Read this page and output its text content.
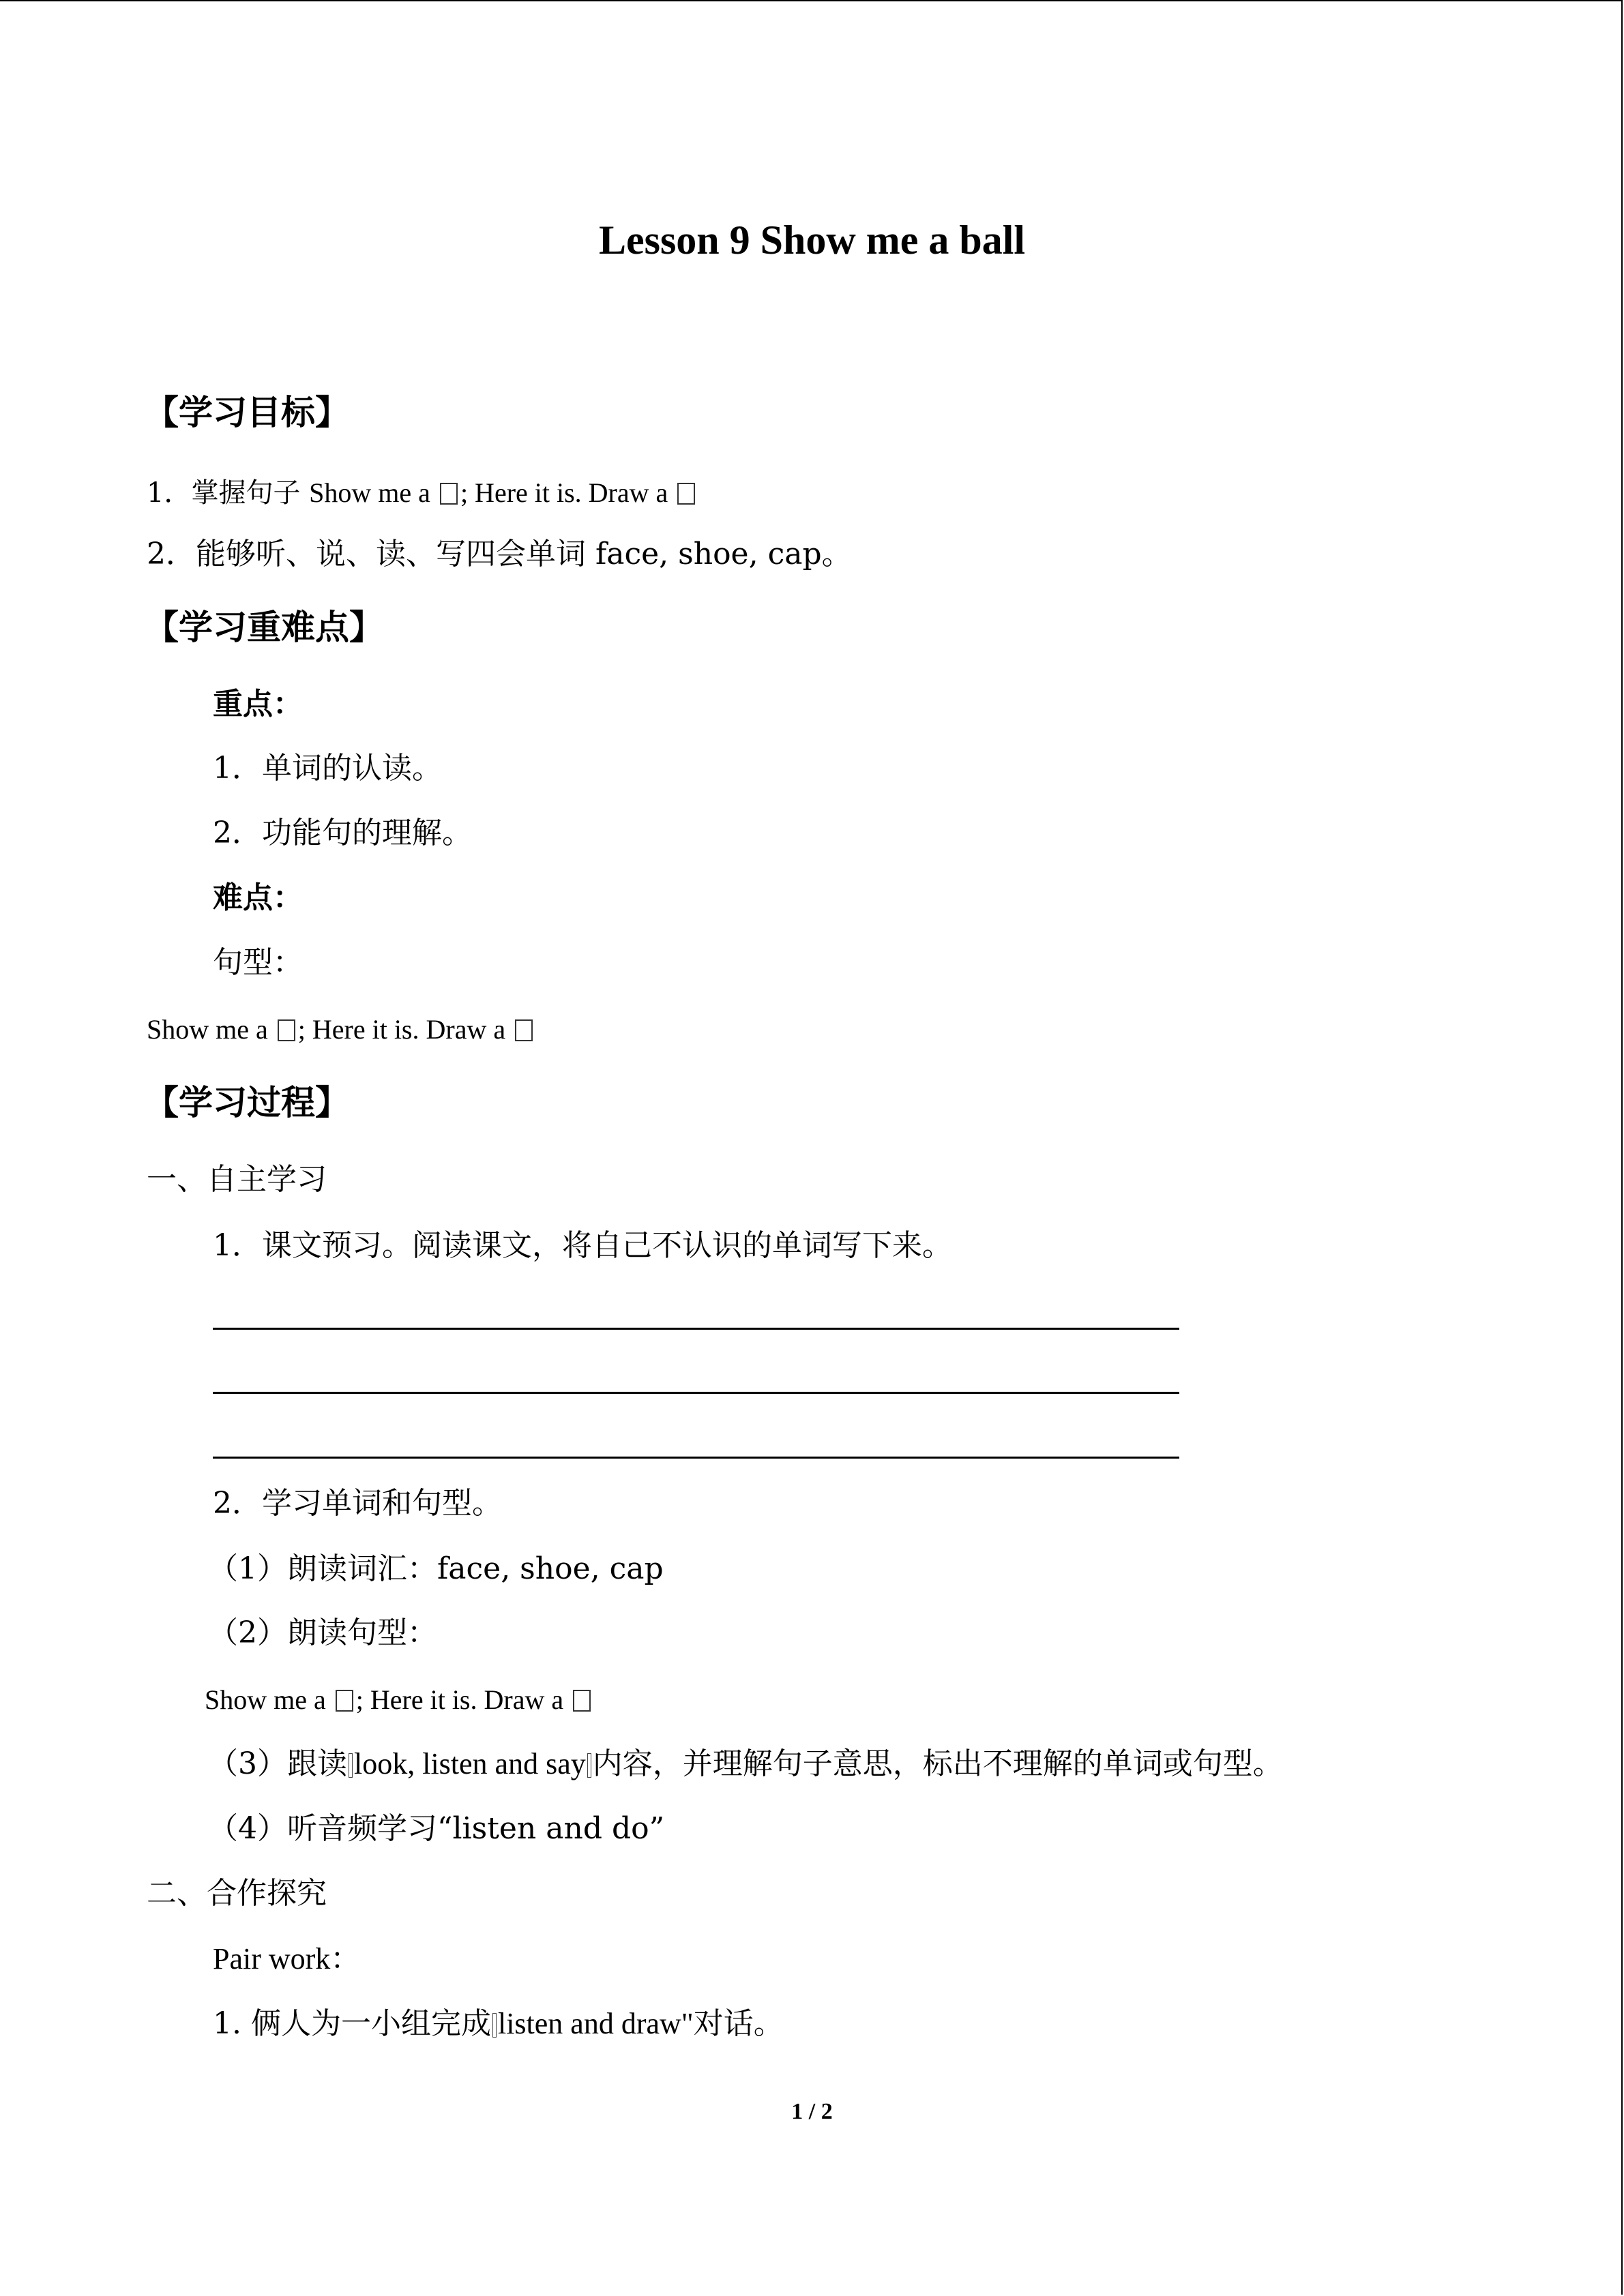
Lesson 9 Show me a ball
【学习目标】
1．掌握句子 Show me a ; Here it is. Draw a
2．能够听、说、读、写四会单词 face, shoe, cap。
【学习重难点】
重点：
1．单词的认读。
2．功能句的理解。
难点：
句型：
Show me a ; Here it is. Draw a
【学习过程】
一、自主学习
1．课文预习。阅读课文，将自己不认识的单词写下来。
2．学习单词和句型。
（1）朗读词汇：face, shoe, cap
（2）朗读句型：
Show me a ; Here it is. Draw a
（3）跟读 look, listen and say 内容，并理解句子意思，标出不理解的单词或句型。
（4）听音频学习“listen and do”
二、合作探究
Pair work：
1. 俩人为一小组完成 listen and draw"对话。
1 / 2
